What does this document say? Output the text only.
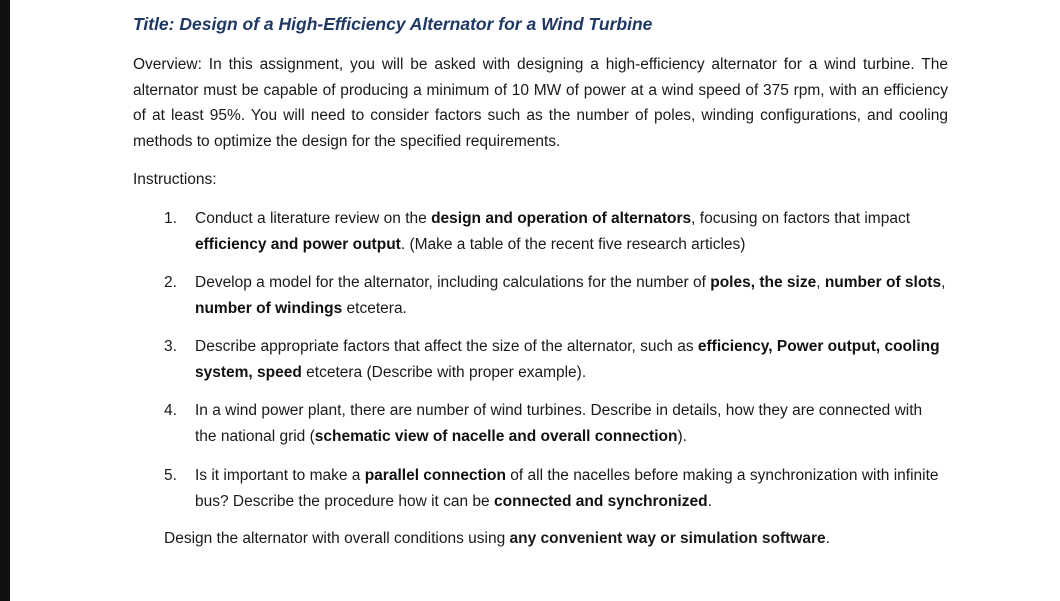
Title: Design of a High-Efficiency Alternator for a Wind Turbine

Overview: In this assignment, you will be asked with designing a high-efficiency alternator for a wind turbine. The alternator must be capable of producing a minimum of 10 MW of power at a wind speed of 375 rpm, with an efficiency of at least 95%. You will need to consider factors such as the number of poles, winding configurations, and cooling methods to optimize the design for the specified requirements.

Instructions:

1.	Conduct a literature review on the design and operation of alternators, focusing on factors that impact efficiency and power output. (Make a table of the recent five research articles)
2.	Develop a model for the alternator, including calculations for the number of poles, the size, number of slots, number of windings etcetera.
3.	Describe appropriate factors that affect the size of the alternator, such as efficiency, Power output, cooling system, speed etcetera (Describe with proper example).
4.	In a wind power plant, there are number of wind turbines. Describe in details, how they are connected with the national grid (schematic view of nacelle and overall connection).
5.	Is it important to make a parallel connection of all the nacelles before making a synchronization with infinite bus? Describe the procedure how it can be connected and synchronized.

Design the alternator with overall conditions using any convenient way or simulation software.
